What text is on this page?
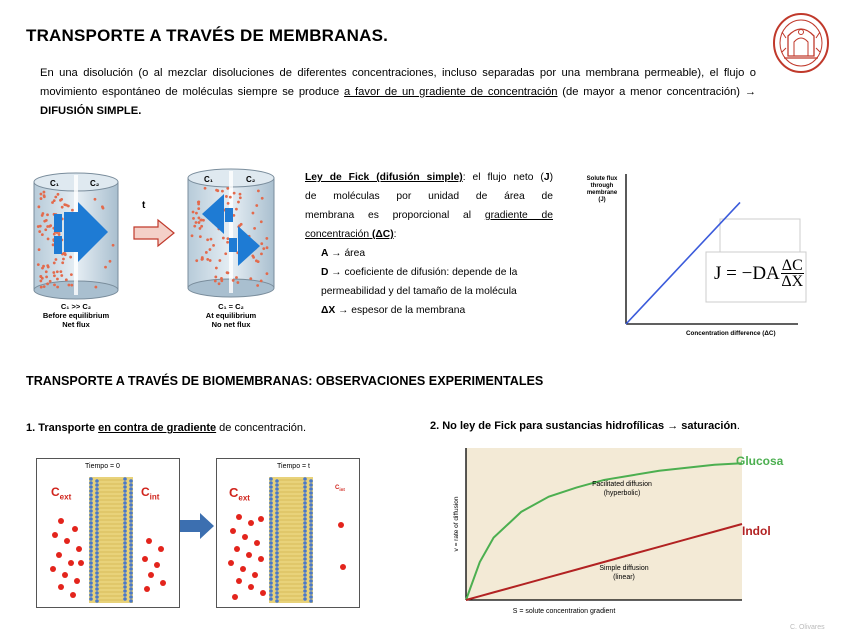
TRANSPORTE A TRAVÉS DE MEMBRANAS.
En una disolución (o al mezclar disoluciones de diferentes concentraciones, incluso separadas por una membrana permeable), el flujo o movimiento espontáneo de moléculas siempre se produce a favor de un gradiente de concentración (de mayor a menor concentración) → DIFUSIÓN SIMPLE.
C₁	C₂
C₁ >> C₂
Before equilibrium
Net flux
t
C₁	C₂
C₁ = C₂
At equilibrium
No net flux
Ley de Fick (difusión simple): el flujo neto (J)
de moléculas por unidad de área de
membrana es proporcional al gradiente de
concentración (ΔC):
A → área
D → coeficiente de difusión: depende de la
permeabilidad y del tamaño de la molécula
ΔX → espesor de la membrana
Solute flux
through
membrane
(J)
Concentration difference (ΔC)
J = −DA ΔC
ΔX
TRANSPORTE A TRAVÉS DE BIOMEMBRANAS: OBSERVACIONES EXPERIMENTALES
1. Transporte en contra de gradiente de concentración.	2. No ley de Fick para sustancias hidrofílicas → saturación.
Tiempo = 0
$C_{ext}$	$C_{int}$
Tiempo = t
$C_{ext}$
$C_{int}$
v = rate of diffusion
S = solute concentration gradient
Facilitated diffusion
(hyperbolic)
Simple diffusion
(linear)
Glucosa
Indol
C. Olivares
